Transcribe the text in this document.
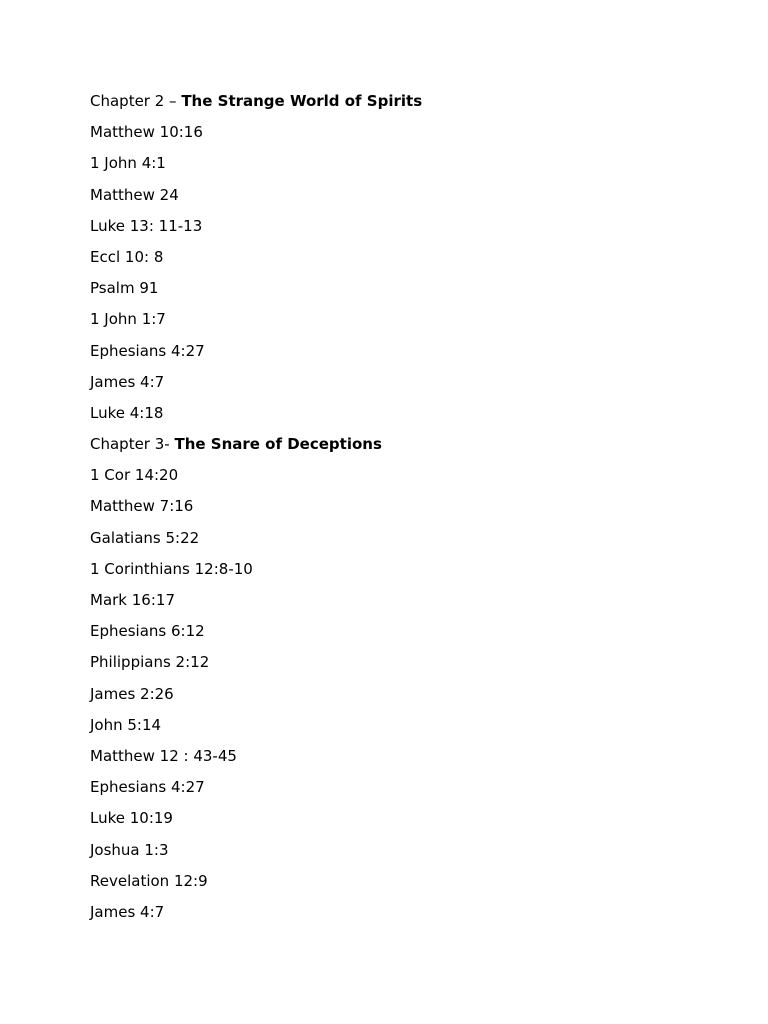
Chapter 2 – The Strange World of Spirits
Matthew 10:16
1 John 4:1
Matthew 24
Luke 13: 11-13
Eccl 10: 8
Psalm 91
1 John 1:7
Ephesians 4:27
James 4:7
Luke 4:18
Chapter 3- The Snare of Deceptions
1 Cor 14:20
Matthew 7:16
Galatians 5:22
1 Corinthians 12:8-10
Mark 16:17
Ephesians 6:12
Philippians 2:12
James 2:26
John 5:14
Matthew 12 : 43-45
Ephesians 4:27
Luke 10:19
Joshua 1:3
Revelation 12:9
James 4:7
